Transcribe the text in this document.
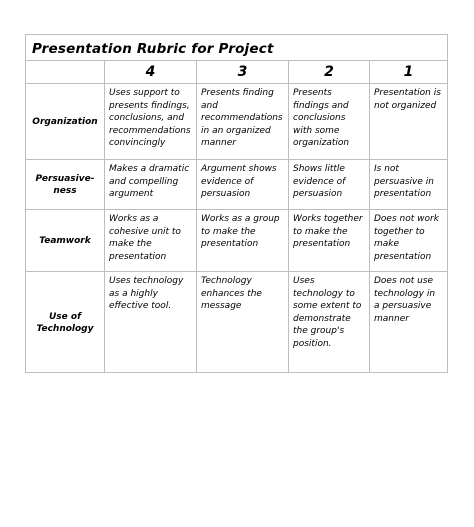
Presentation Rubric for Project				
	4	3	2	1
Organization	Uses support to presents findings, conclusions, and recommendations convincingly	Presents finding and recommendations in an organized manner	Presents findings and conclusions with some organization	Presentation is not organized
Persuasive- ness	Makes a dramatic and compelling argument	Argument shows evidence of persuasion	Shows little evidence of persuasion	Is not persuasive in presentation
Teamwork	Works as a cohesive unit to make the presentation	Works as a group to make the presentation	Works together to make the presentation	Does not work together to make presentation
Use of Technology	Uses technology as a highly effective tool.	Technology enhances the message	Uses technology to some extent to demonstrate the group's position.	Does not use technology in a persuasive manner
